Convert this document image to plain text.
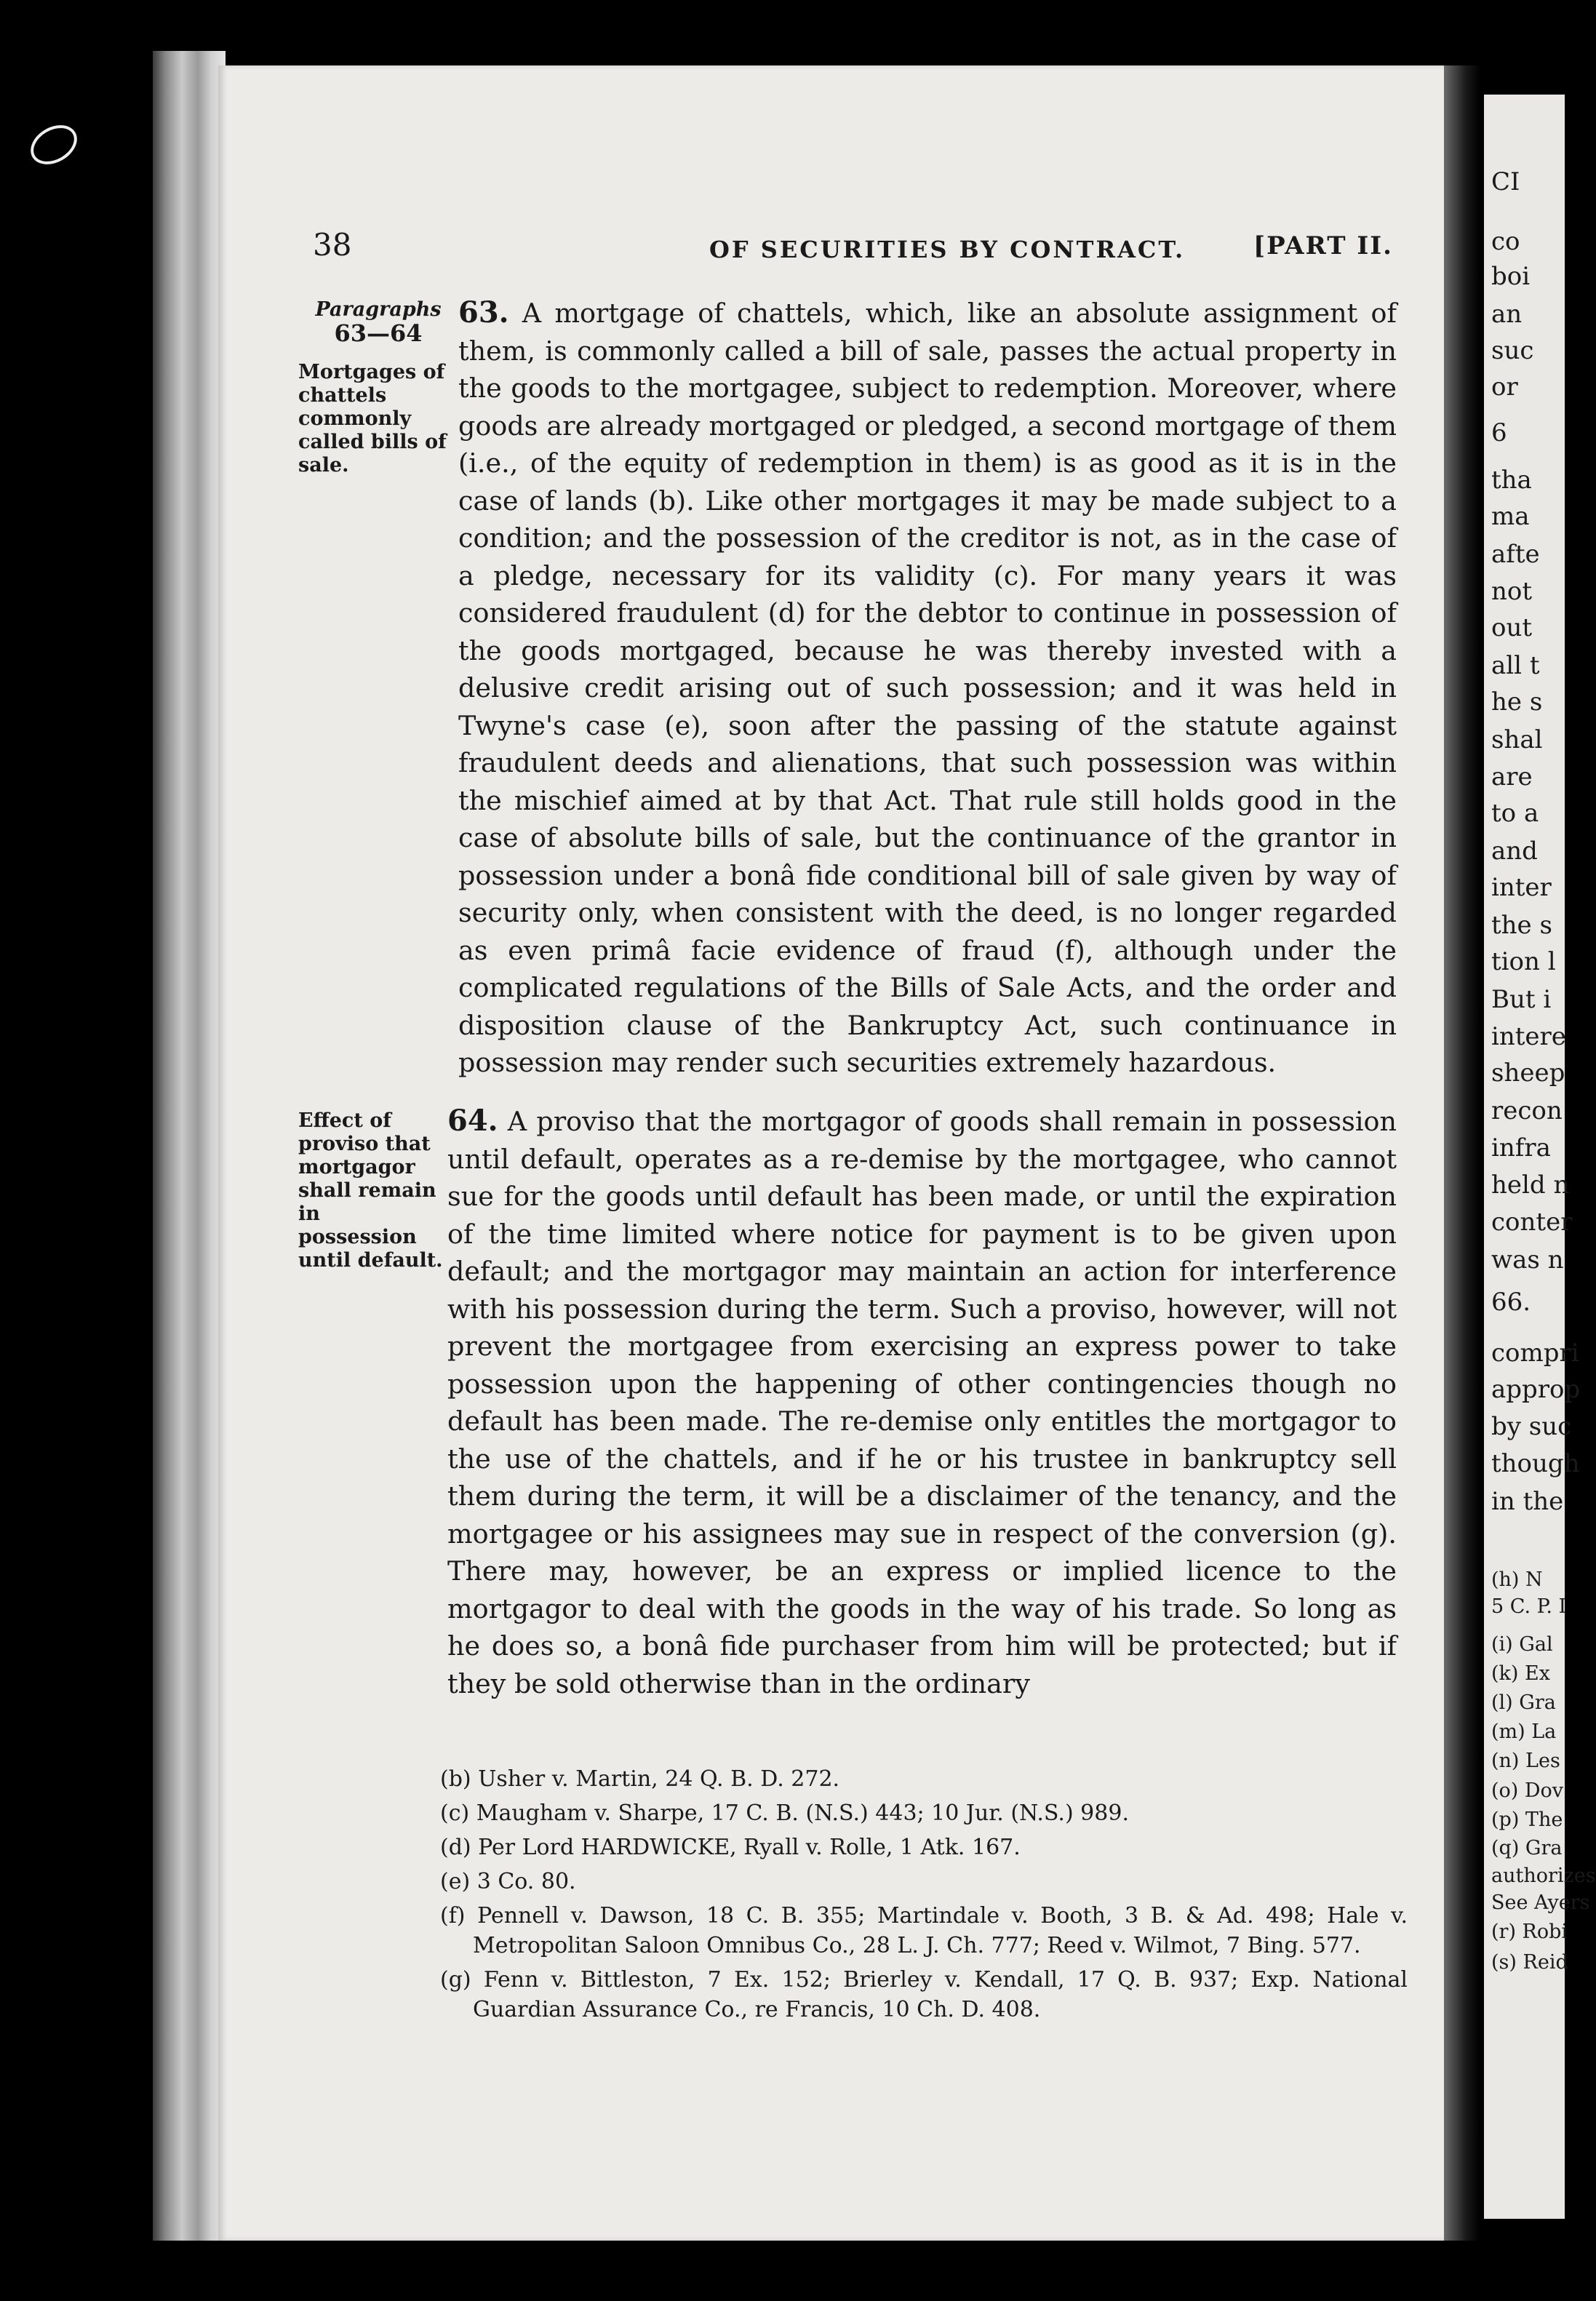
CI
co
boi
an
suc
or
6
tha
ma
afte
not
out
all t
he s
shal
are
to a
and
inter
the s
tion l
But i
intere
sheep
recon
infra
held n
conter
was n
66.
compri
approp
by suc
though
in the
(h) N
5 C. P. I
(i) Gal
(k) Ex
(l) Gra
(m) La
(n) Les
(o) Dov
(p) The
(q) Gra
authorizes
See Ayers
(r) Robi
(s) Reid
38	OF SECURITIES BY CONTRACT.	[PART II.
Paragraphs
63—64
Mortgages of chattels commonly called bills of sale.
63. A mortgage of chattels, which, like an absolute assignment of them, is commonly called a bill of sale, passes the actual property in the goods to the mortgagee, subject to redemption. Moreover, where goods are already mortgaged or pledged, a second mortgage of them (i.e., of the equity of redemption in them) is as good as it is in the case of lands (b). Like other mortgages it may be made subject to a condition; and the possession of the creditor is not, as in the case of a pledge, necessary for its validity (c). For many years it was considered fraudulent (d) for the debtor to continue in possession of the goods mortgaged, because he was thereby invested with a delusive credit arising out of such possession; and it was held in Twyne's case (e), soon after the passing of the statute against fraudulent deeds and alienations, that such possession was within the mischief aimed at by that Act. That rule still holds good in the case of absolute bills of sale, but the continuance of the grantor in possession under a bonâ fide conditional bill of sale given by way of security only, when consistent with the deed, is no longer regarded as even primâ facie evidence of fraud (f), although under the complicated regulations of the Bills of Sale Acts, and the order and disposition clause of the Bankruptcy Act, such continuance in possession may render such securities extremely hazardous.
Effect of proviso that mortgagor shall remain in possession until default.
64. A proviso that the mortgagor of goods shall remain in possession until default, operates as a re-demise by the mortgagee, who cannot sue for the goods until default has been made, or until the expiration of the time limited where notice for payment is to be given upon default; and the mortgagor may maintain an action for interference with his possession during the term. Such a proviso, however, will not prevent the mortgagee from exercising an express power to take possession upon the happening of other contingencies though no default has been made. The re-demise only entitles the mortgagor to the use of the chattels, and if he or his trustee in bankruptcy sell them during the term, it will be a disclaimer of the tenancy, and the mortgagee or his assignees may sue in respect of the conversion (g). There may, however, be an express or implied licence to the mortgagor to deal with the goods in the way of his trade. So long as he does so, a bonâ fide purchaser from him will be protected; but if they be sold otherwise than in the ordinary
(b) Usher v. Martin, 24 Q. B. D. 272.
(c) Maugham v. Sharpe, 17 C. B. (N.S.) 443; 10 Jur. (N.S.) 989.
(d) Per Lord HARDWICKE, Ryall v. Rolle, 1 Atk. 167.
(e) 3 Co. 80.
(f) Pennell v. Dawson, 18 C. B. 355; Martindale v. Booth, 3 B. & Ad. 498; Hale v. Metropolitan Saloon Omnibus Co., 28 L. J. Ch. 777; Reed v. Wilmot, 7 Bing. 577.
(g) Fenn v. Bittleston, 7 Ex. 152; Brierley v. Kendall, 17 Q. B. 937; Exp. National Guardian Assurance Co., re Francis, 10 Ch. D. 408.
